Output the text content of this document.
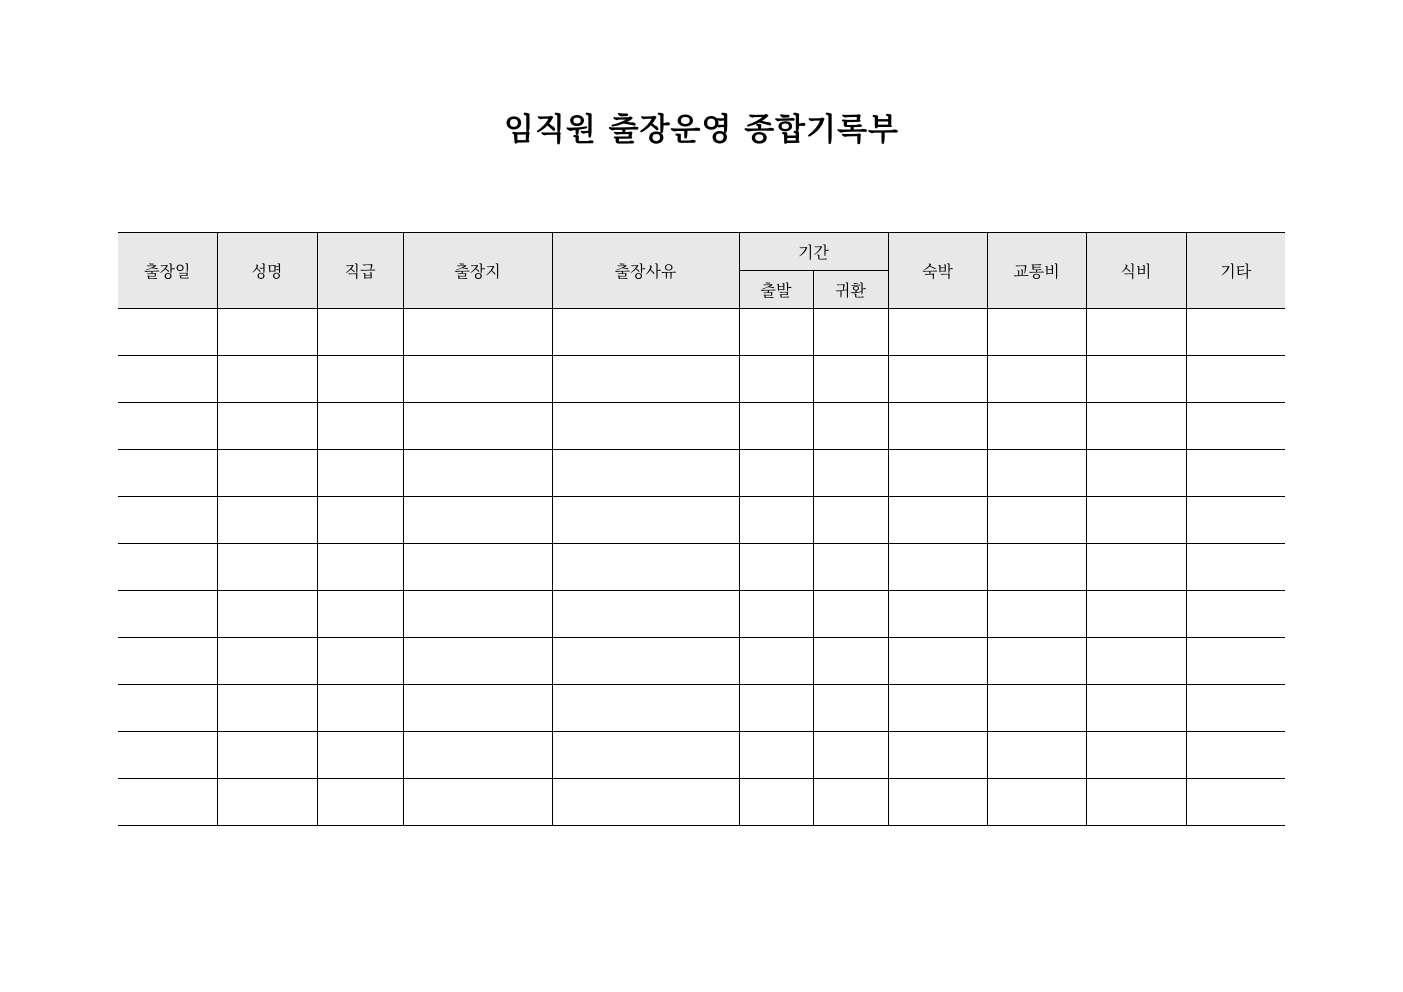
임직원 출장운영 종합기록부
출장일	성명	직급	출장지	출장사유	기간		숙박	교통비	식비	기타
					출발	귀환				
